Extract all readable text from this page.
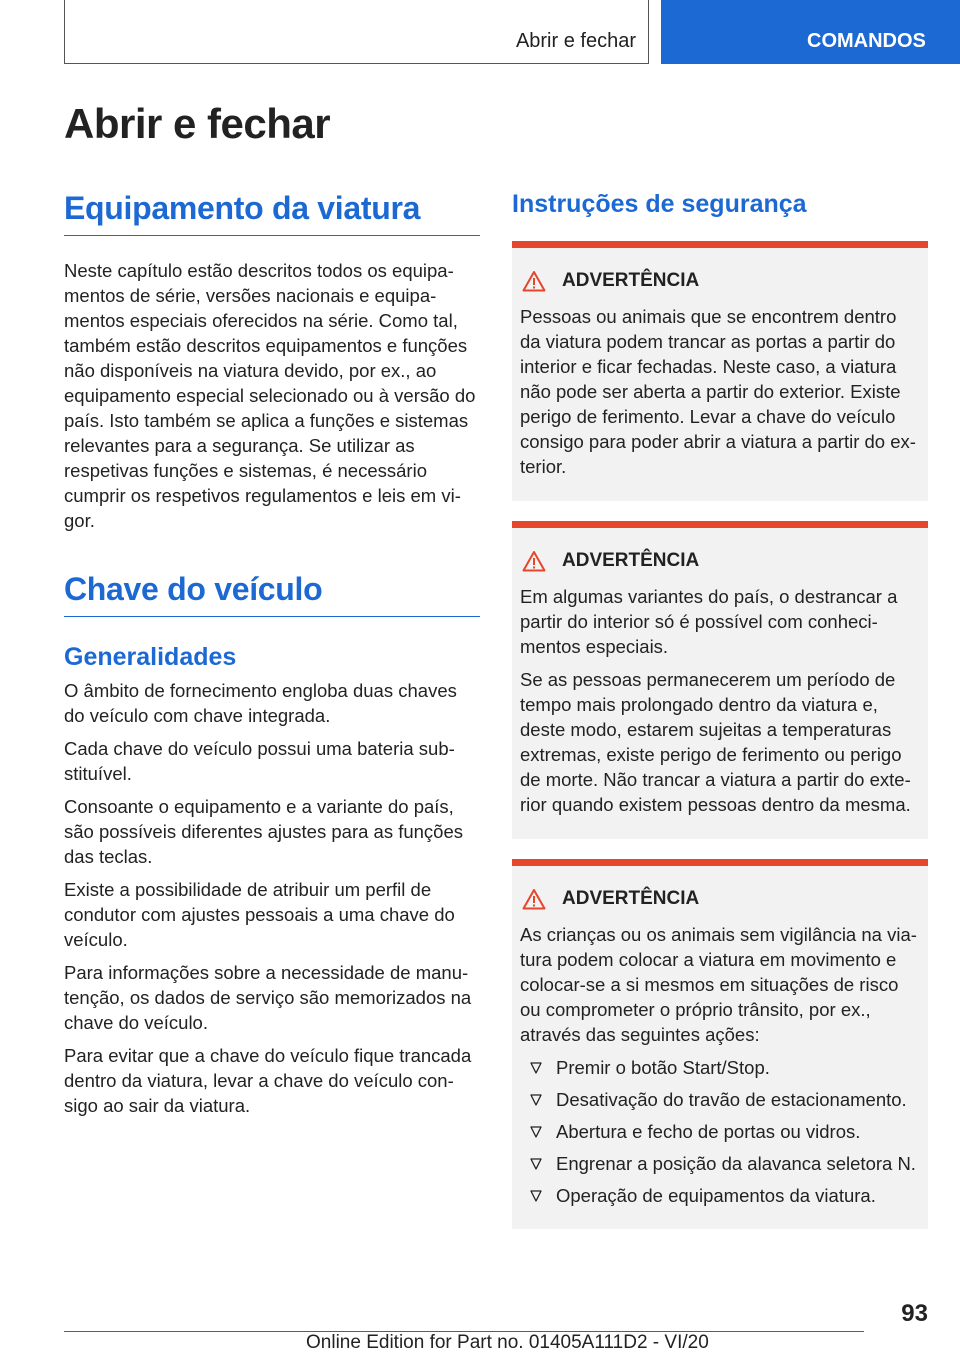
Abrir e fechar	COMANDOS
Abrir e fechar
Equipamento da viatura

Neste capítulo estão descritos todos os equipamentos de série, versões nacionais e equipamentos especiais oferecidos na série. Como tal, também estão descritos equipamentos e funções não disponíveis na viatura devido, por ex., ao equipamento especial selecionado ou à versão do país. Isto também se aplica a funções e sistemas relevantes para a segurança. Se utilizar as respetivas funções e sistemas, é necessário cumprir os respetivos regulamentos e leis em vigor.

Chave do veículo
Generalidades

O âmbito de fornecimento engloba duas chaves do veículo com chave integrada.

Cada chave do veículo possui uma bateria substituível.

Consoante o equipamento e a variante do país, são possíveis diferentes ajustes para as funções das teclas.

Existe a possibilidade de atribuir um perfil de condutor com ajustes pessoais a uma chave do veículo.

Para informações sobre a necessidade de manutenção, os dados de serviço são memorizados na chave do veículo.

Para evitar que a chave do veículo fique trancada dentro da viatura, levar a chave do veículo consigo ao sair da viatura.

Instruções de segurança
ADVERTÊNCIA

Pessoas ou animais que se encontrem dentro da viatura podem trancar as portas a partir do interior e ficar fechadas. Neste caso, a viatura não pode ser aberta a partir do exterior. Existe perigo de ferimento. Levar a chave do veículo consigo para poder abrir a viatura a partir do exterior.

ADVERTÊNCIA

Em algumas variantes do país, o destrancar a partir do interior só é possível com conhecimentos especiais.

Se as pessoas permanecerem um período de tempo mais prolongado dentro da viatura e, deste modo, estarem sujeitas a temperaturas extremas, existe perigo de ferimento ou perigo de morte. Não trancar a viatura a partir do exterior quando existem pessoas dentro da mesma.

ADVERTÊNCIA

As crianças ou os animais sem vigilância na viatura podem colocar a viatura em movimento e colocar-se a si mesmos em situações de risco ou comprometer o próprio trânsito, por ex., através das seguintes ações:

Premir o botão Start/Stop.
Desativação do travão de estacionamento.
Abertura e fecho de portas ou vidros.
Engrenar a posição da alavanca seletora N.
Operação de equipamentos da viatura.
93
Online Edition for Part no. 01405A111D2 - VI/20
